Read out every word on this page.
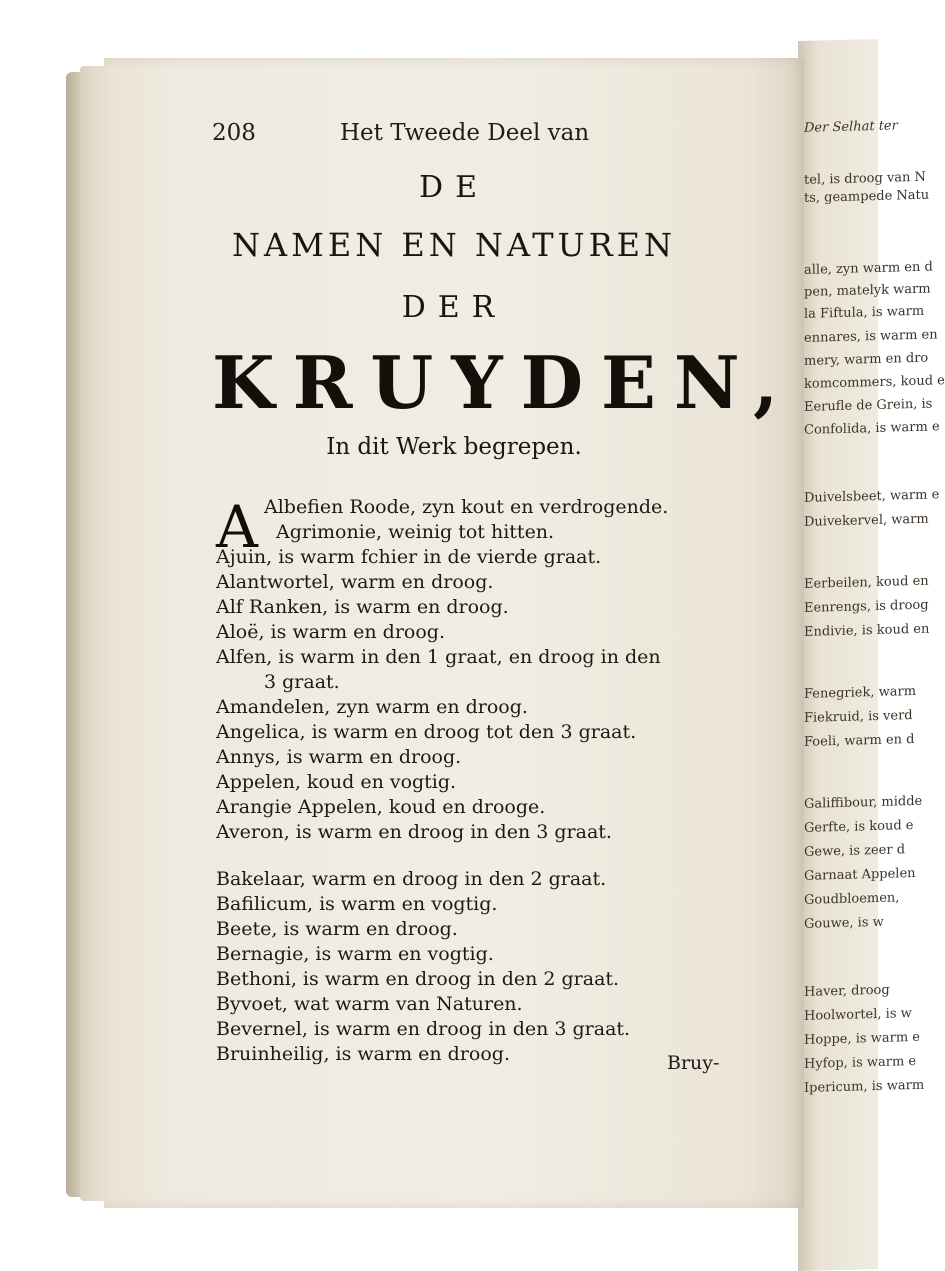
Der Selhat ter
tel, is droog van N
ts, geampede Natu
alle, zyn warm en d
pen, matelyk warm
la Fiftula, is warm
ennares, is warm en
mery, warm en dro
komcommers, koud e
Eerufle de Grein, is
Confolida, is warm e
Duivelsbeet, warm e
Duivekervel, warm
Eerbeilen, koud en
Eenrengs, is droog
Endivie, is koud en
Fenegriek, warm
Fiekruid, is verd
Foeli, warm en d
Galiffibour, midde
Gerfte, is koud e
Gewe, is zeer d
Garnaat Appelen
Goudbloemen,
Gouwe, is w
Haver, droog
Hoolwortel, is w
Hoppe, is warm e
Hyfop, is warm e
Ipericum, is warm
208	Het Tweede Deel van
DE
NAMEN EN NATUREN
DER
KRUYDEN,
In dit Werk begrepen.
A Albefien Roode, zyn kout en verdrogende.
Agrimonie, weinig tot hitten.
Ajuin, is warm fchier in de vierde graat.
Alantwortel, warm en droog.
Alf Ranken, is warm en droog.
Aloë, is warm en droog.
Alfen, is warm in den 1 graat, en droog in den
3 graat.
Amandelen, zyn warm en droog.
Angelica, is warm en droog tot den 3 graat.
Annys, is warm en droog.
Appelen, koud en vogtig.
Arangie Appelen, koud en drooge.
Averon, is warm en droog in den 3 graat.
Bakelaar, warm en droog in den 2 graat.
Bafilicum, is warm en vogtig.
Beete, is warm en droog.
Bernagie, is warm en vogtig.
Bethoni, is warm en droog in den 2 graat.
Byvoet, wat warm van Naturen.
Bevernel, is warm en droog in den 3 graat.
Bruinheilig, is warm en droog.	Bruy-
